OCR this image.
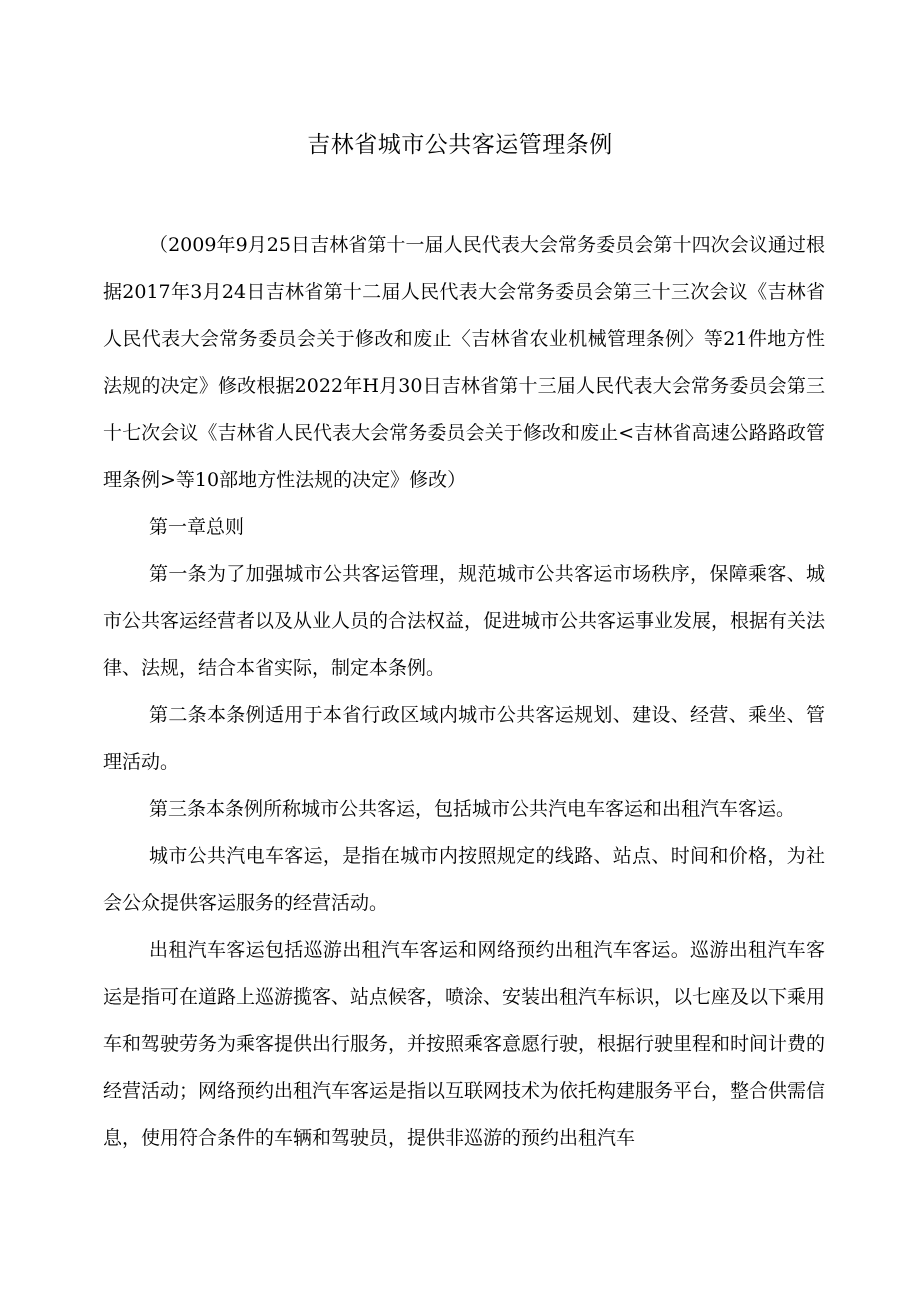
吉林省城市公共客运管理条例

（2009年9月25日吉林省第十一届人民代表大会常务委员会第十四次会议通过根据2017年3月24日吉林省第十二届人民代表大会常务委员会第三十三次会议《吉林省人民代表大会常务委员会关于修改和废止〈吉林省农业机械管理条例〉等21件地方性法规的决定》修改根据2022年H月30日吉林省第十三届人民代表大会常务委员会第三十七次会议《吉林省人民代表大会常务委员会关于修改和废止<吉林省高速公路路政管理条例>等10部地方性法规的决定》修改）

第一章总则

第一条为了加强城市公共客运管理，规范城市公共客运市场秩序，保障乘客、城市公共客运经营者以及从业人员的合法权益，促进城市公共客运事业发展，根据有关法律、法规，结合本省实际，制定本条例。

第二条本条例适用于本省行政区域内城市公共客运规划、建设、经营、乘坐、管理活动。

第三条本条例所称城市公共客运，包括城市公共汽电车客运和出租汽车客运。

城市公共汽电车客运，是指在城市内按照规定的线路、站点、时间和价格，为社会公众提供客运服务的经营活动。

出租汽车客运包括巡游出租汽车客运和网络预约出租汽车客运。巡游出租汽车客运是指可在道路上巡游揽客、站点候客，喷涂、安装出租汽车标识，以七座及以下乘用车和驾驶劳务为乘客提供出行服务，并按照乘客意愿行驶，根据行驶里程和时间计费的经营活动；网络预约出租汽车客运是指以互联网技术为依托构建服务平台，整合供需信息，使用符合条件的车辆和驾驶员，提供非巡游的预约出租汽车
